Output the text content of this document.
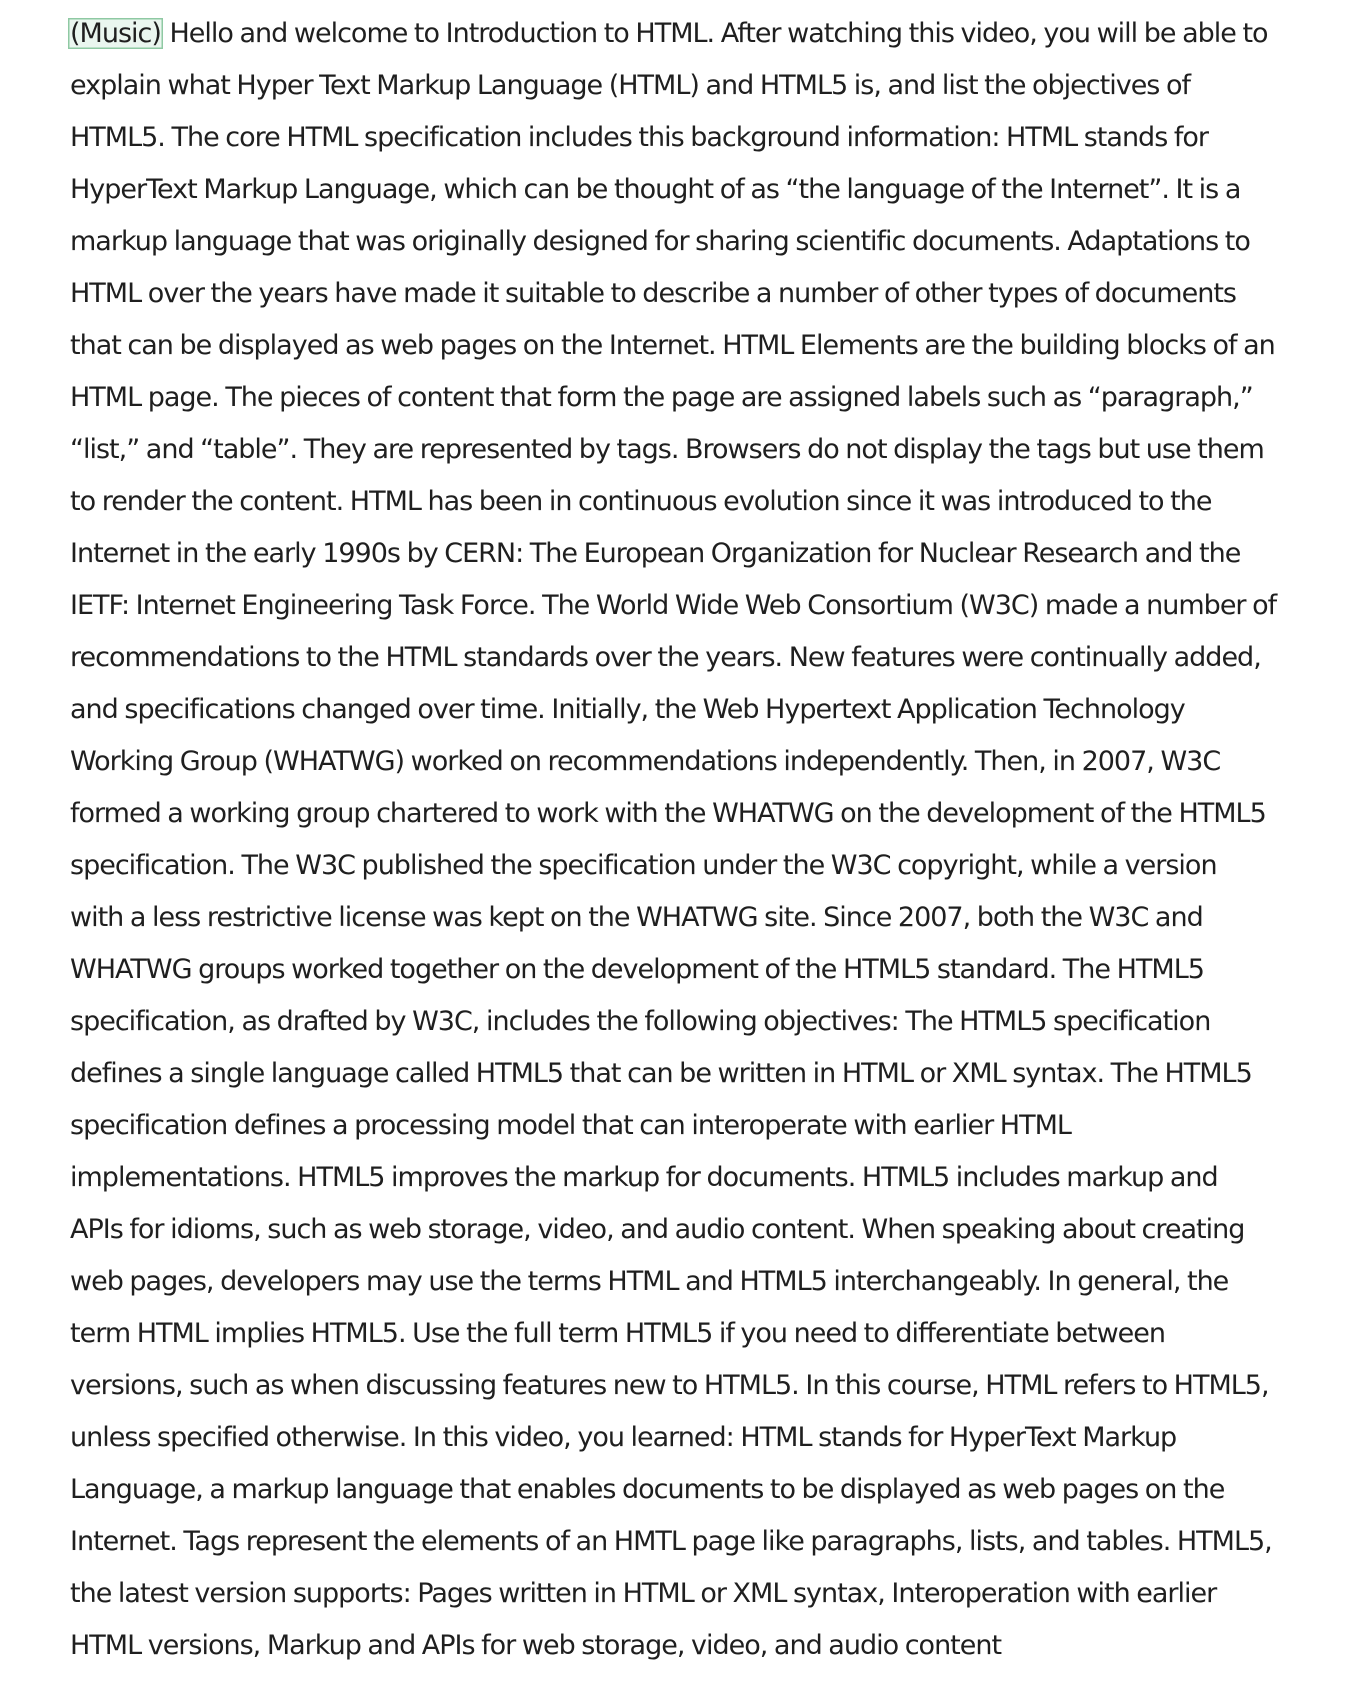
(Music) Hello and welcome to Introduction to HTML. After watching this video, you will be able to
explain what Hyper Text Markup Language (HTML) and HTML5 is, and list the objectives of
HTML5. The core HTML specification includes this background information: HTML stands for
HyperText Markup Language, which can be thought of as “the language of the Internet”. It is a
markup language that was originally designed for sharing scientific documents. Adaptations to
HTML over the years have made it suitable to describe a number of other types of documents
that can be displayed as web pages on the Internet. HTML Elements are the building blocks of an
HTML page. The pieces of content that form the page are assigned labels such as “paragraph,”
“list,” and “table”. They are represented by tags. Browsers do not display the tags but use them
to render the content. HTML has been in continuous evolution since it was introduced to the
Internet in the early 1990s by CERN: The European Organization for Nuclear Research and the
IETF: Internet Engineering Task Force. The World Wide Web Consortium (W3C) made a number of
recommendations to the HTML standards over the years. New features were continually added,
and specifications changed over time. Initially, the Web Hypertext Application Technology
Working Group (WHATWG) worked on recommendations independently. Then, in 2007, W3C
formed a working group chartered to work with the WHATWG on the development of the HTML5
specification. The W3C published the specification under the W3C copyright, while a version
with a less restrictive license was kept on the WHATWG site. Since 2007, both the W3C and
WHATWG groups worked together on the development of the HTML5 standard. The HTML5
specification, as drafted by W3C, includes the following objectives: The HTML5 specification
defines a single language called HTML5 that can be written in HTML or XML syntax. The HTML5
specification defines a processing model that can interoperate with earlier HTML
implementations. HTML5 improves the markup for documents. HTML5 includes markup and
APIs for idioms, such as web storage, video, and audio content. When speaking about creating
web pages, developers may use the terms HTML and HTML5 interchangeably. In general, the
term HTML implies HTML5. Use the full term HTML5 if you need to differentiate between
versions, such as when discussing features new to HTML5. In this course, HTML refers to HTML5,
unless specified otherwise. In this video, you learned: HTML stands for HyperText Markup
Language, a markup language that enables documents to be displayed as web pages on the
Internet. Tags represent the elements of an HMTL page like paragraphs, lists, and tables. HTML5,
the latest version supports: Pages written in HTML or XML syntax, Interoperation with earlier
HTML versions, Markup and APIs for web storage, video, and audio content
